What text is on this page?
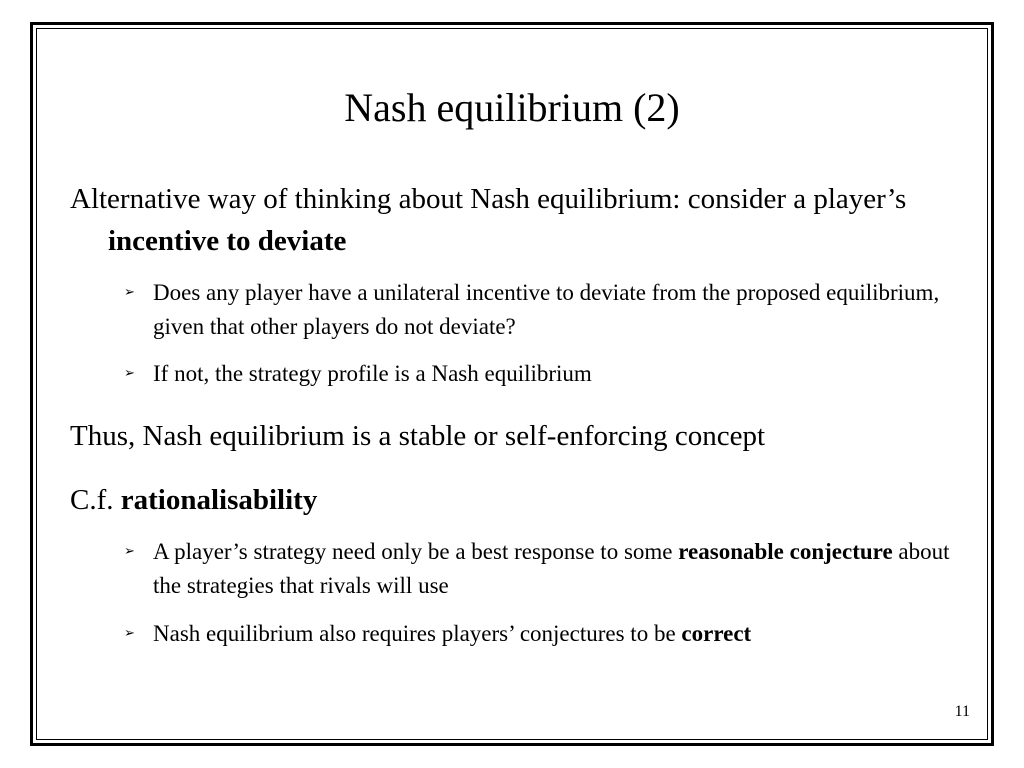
Nash equilibrium (2)

Alternative way of thinking about Nash equilibrium: consider a player’s incentive to deviate

➢ Does any player have a unilateral incentive to deviate from the proposed equilibrium, given that other players do not deviate?

➢ If not, the strategy profile is a Nash equilibrium

Thus, Nash equilibrium is a stable or self-enforcing concept

C.f. rationalisability

➢ A player’s strategy need only be a best response to some reasonable conjecture about the strategies that rivals will use

➢ Nash equilibrium also requires players’ conjectures to be correct

11
